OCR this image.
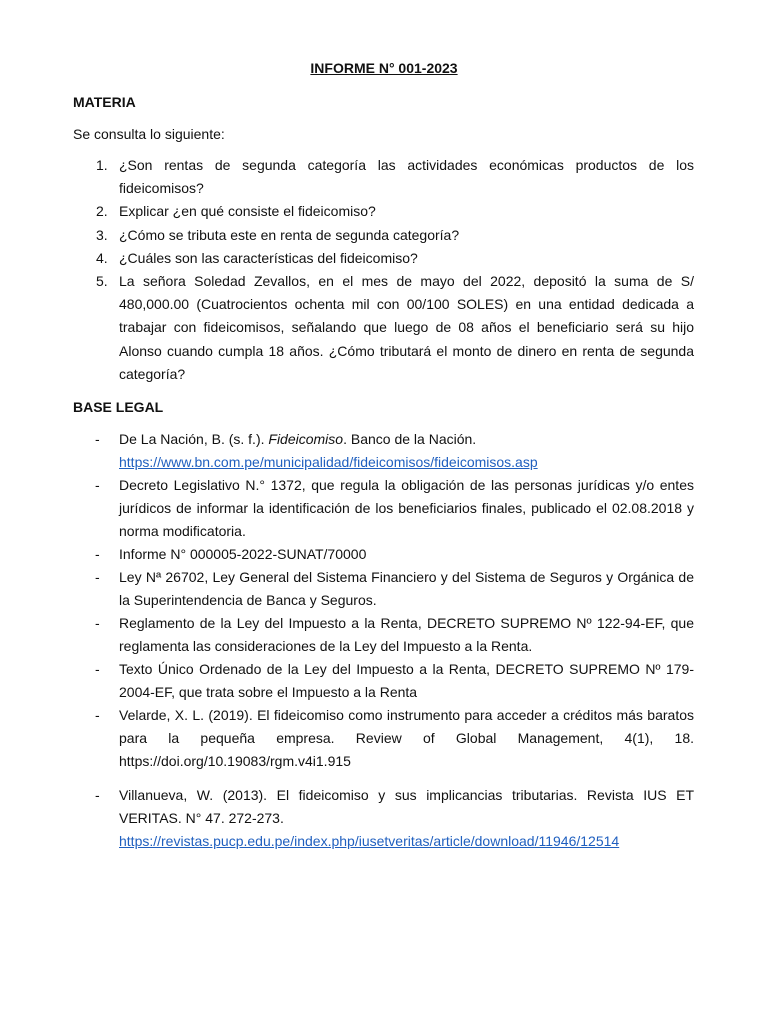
INFORME N° 001-2023
MATERIA
Se consulta lo siguiente:
1. ¿Son rentas de segunda categoría las actividades económicas productos de los fideicomisos?
2. Explicar ¿en qué consiste el fideicomiso?
3. ¿Cómo se tributa este en renta de segunda categoría?
4. ¿Cuáles son las características del fideicomiso?
5. La señora Soledad Zevallos, en el mes de mayo del 2022, depositó la suma de S/ 480,000.00 (Cuatrocientos ochenta mil con 00/100 SOLES) en una entidad dedicada a trabajar con fideicomisos, señalando que luego de 08 años el beneficiario será su hijo Alonso cuando cumpla 18 años. ¿Cómo tributará el monto de dinero en renta de segunda categoría?
BASE LEGAL
- De La Nación, B. (s. f.). Fideicomiso. Banco de la Nación.
https://www.bn.com.pe/municipalidad/fideicomisos/fideicomisos.asp
- Decreto Legislativo N.° 1372, que regula la obligación de las personas jurídicas y/o entes jurídicos de informar la identificación de los beneficiarios finales, publicado el 02.08.2018 y norma modificatoria.
- Informe N° 000005-2022-SUNAT/70000
- Ley Nª 26702, Ley General del Sistema Financiero y del Sistema de Seguros y Orgánica de la Superintendencia de Banca y Seguros.
- Reglamento de la Ley del Impuesto a la Renta, DECRETO SUPREMO Nº 122-94-EF, que reglamenta las consideraciones de la Ley del Impuesto a la Renta.
- Texto Único Ordenado de la Ley del Impuesto a la Renta, DECRETO SUPREMO Nº 179-2004-EF, que trata sobre el Impuesto a la Renta
- Velarde, X. L. (2019). El fideicomiso como instrumento para acceder a créditos más baratos para la pequeña empresa. Review of Global Management, 4(1), 18. https://doi.org/10.19083/rgm.v4i1.915
- Villanueva, W. (2013). El fideicomiso y sus implicancias tributarias. Revista IUS ET VERITAS. N° 47. 272-273.
https://revistas.pucp.edu.pe/index.php/iusetveritas/article/download/11946/12514
